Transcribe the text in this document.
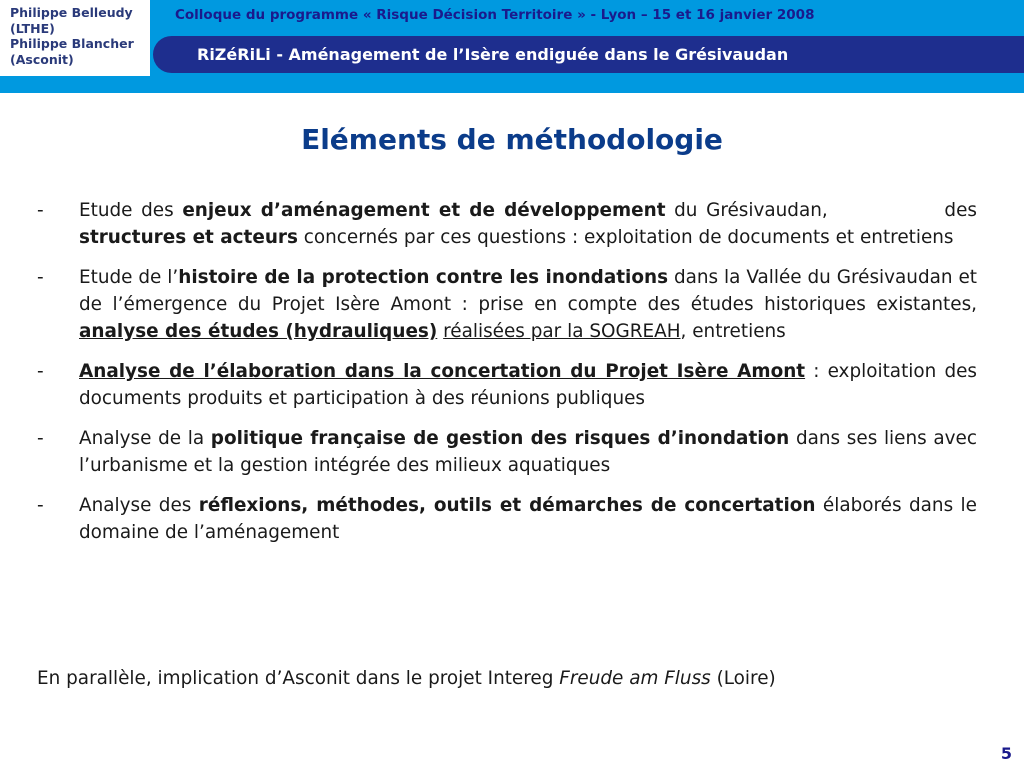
Philippe Belleudy
(LTHE)
Philippe Blancher
(Asconit)
Colloque du programme « Risque Décision Territoire » - Lyon – 15 et 16 janvier 2008
RiZéRiLi - Aménagement de l’Isère endiguée dans le Grésivaudan
Eléments de méthodologie
-	Etude des enjeux d’aménagement et de développement du Grésivaudan,	des structures et acteurs concernés par ces questions : exploitation de documents et entretiens
-	Etude de l’histoire de la protection contre les inondations dans la Vallée du Grésivaudan et de l’émergence du Projet Isère Amont : prise en compte des études historiques existantes, analyse des études (hydrauliques) réalisées par la SOGREAH, entretiens
-	Analyse de l’élaboration dans la concertation du Projet Isère Amont : exploitation des documents produits et participation à des réunions publiques
-	Analyse de la politique française de gestion des risques d’inondation dans ses liens avec l’urbanisme et la gestion intégrée des milieux aquatiques
-	Analyse des réflexions, méthodes, outils et démarches de concertation élaborés dans le domaine de l’aménagement
En parallèle, implication d’Asconit dans le projet Intereg Freude am Fluss (Loire)
5
